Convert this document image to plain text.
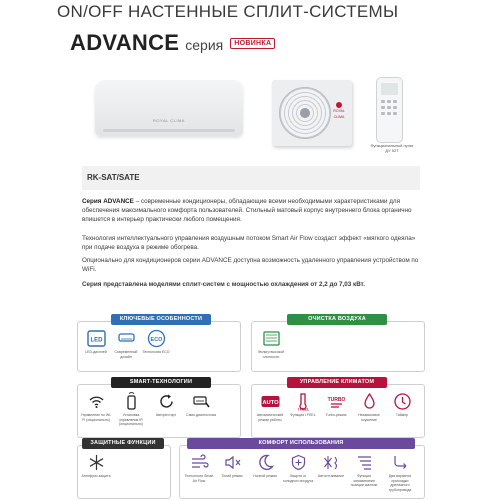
ON/OFF НАСТЕННЫЕ СПЛИТ-СИСТЕМЫ
ADVANCE серия	НОВИНКА
ROYAL CLIMA
ROYAL CLIMA
Функциональный пульт ДУ 52T
RK-SAT/SATE

Серия ADVANCE – современные кондиционеры, обладающие всеми необходимыми характеристиками для обеспечения максимального комфорта пользователей. Стильный матовый корпус внутреннего блока органично впишется в интерьер практически любого помещения.

Технология интеллектуального управления воздушным потоком Smart Air Flow создаст эффект «мягкого одеяла» при подаче воздуха в режиме обогрева.

Опционально для кондиционеров серии ADVANCE доступна возможность удаленного управления устройством по WiFi.

Серия представлена моделями сплит-систем с мощностью охлаждения от 2,2 до 7,03 кВт.

КЛЮЧЕВЫЕ ОСОБЕННОСТИ	ОЧИСТКА ВОЗДУХА
SMART-ТЕХНОЛОГИИ	УПРАВЛЕНИЕ КЛИМАТОМ
ЗАЩИТНЫЕ ФУНКЦИИ	КОМФОРТ ИСПОЛЬЗОВАНИЯ
LED
LED-дисплей	Современный дизайн
ECO
Технология ECO	Фильтр высокой плотности
Управление по WI-FI (опционально)
Установка управления IR (опционально)
Авторестарт	Само-диагностика
AUTO
Автоматический режим работы
I FEEL
Функция I FEEL
TURBO
Turbo-режим	Независимое осушение
Таймер
Антифриз защита	Технология Smart Air Flow
Тихий режим	Ночной режим	Защита от холодного воздуха
Автооттаивание	Функция запоминания позиции жалюзи
Два варианта прокладки дренажного трубопровода
